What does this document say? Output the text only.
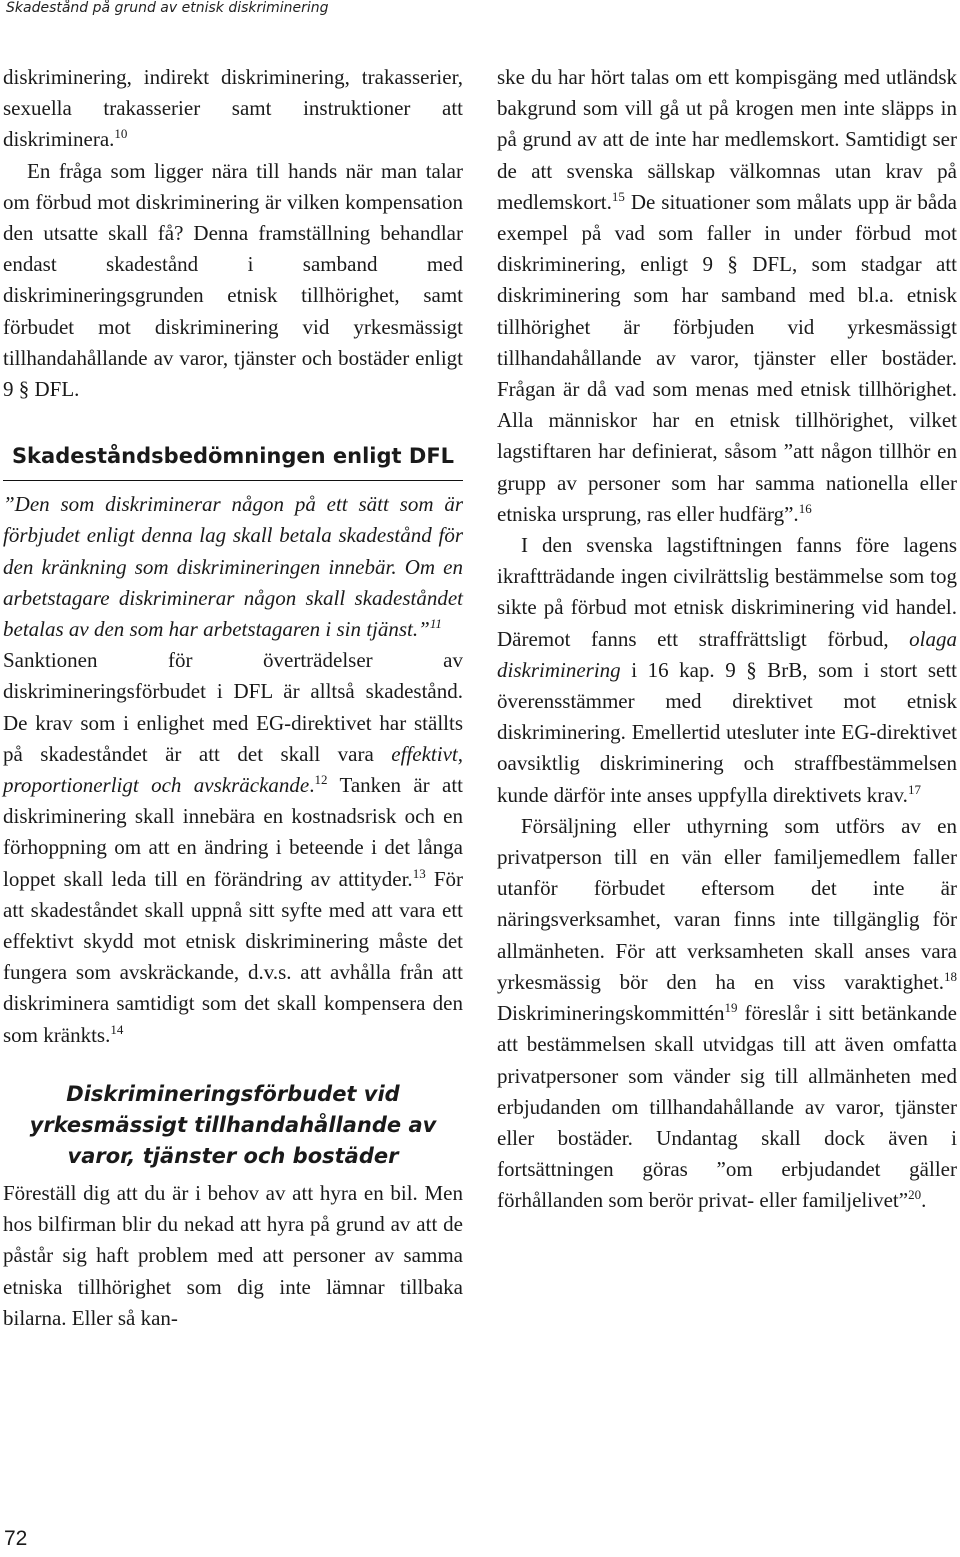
Skadestånd på grund av etnisk diskriminering

diskriminering, indirekt diskriminering, trakasserier, sexuella trakasserier samt instruktioner att diskriminera.$^{10}$

En fråga som ligger nära till hands när man talar om förbud mot diskriminering är vilken kompensation den utsatte skall få? Denna framställning behandlar endast skadestånd i samband med diskrimineringsgrunden etnisk tillhörighet, samt förbudet mot diskriminering vid yrkesmässigt tillhandahållande av varor, tjänster och bostäder enligt 9 § DFL.

Skadeståndsbedömningen enligt DFL

”Den som diskriminerar någon på ett sätt som är förbjudet enligt denna lag skall betala skadestånd för den kränkning som diskrimineringen innebär. Om en arbetstagare diskriminerar någon skall skadeståndet betalas av den som har arbetstagaren i sin tjänst.”$^{11}$

Sanktionen för överträdelser av diskrimineringsförbudet i DFL är alltså skadestånd. De krav som i enlighet med EG-direktivet har ställts på skadeståndet är att det skall vara effektivt, proportionerligt och avskräckande.$^{12}$ Tanken är att diskriminering skall innebära en kostnadsrisk och en förhoppning om att en ändring i beteende i det långa loppet skall leda till en förändring av attityder.$^{13}$ För att skadeståndet skall uppnå sitt syfte med att vara ett effektivt skydd mot etnisk diskriminering måste det fungera som avskräckande, d.v.s. att avhålla från att diskriminera samtidigt som det skall kompensera den som kränkts.$^{14}$

Diskrimineringsförbudet vid yrkesmässigt tillhandahållande av varor, tjänster och bostäder

Föreställ dig att du är i behov av att hyra en bil. Men hos bilfirman blir du nekad att hyra på grund av att de påstår sig haft problem med att personer av samma etniska tillhörighet som dig inte lämnar tillbaka bilarna. Eller så kan-

ske du har hört talas om ett kompisgäng med utländsk bakgrund som vill gå ut på krogen men inte släpps in på grund av att de inte har medlemskort. Samtidigt ser de att svenska sällskap välkomnas utan krav på medlemskort.$^{15}$ De situationer som målats upp är båda exempel på vad som faller in under förbud mot diskriminering, enligt 9 § DFL, som stadgar att diskriminering som har samband med bl.a. etnisk tillhörighet är förbjuden vid yrkesmässigt tillhandahållande av varor, tjänster eller bostäder. Frågan är då vad som menas med etnisk tillhörighet. Alla människor har en etnisk tillhörighet, vilket lagstiftaren har definierat, såsom ”att någon tillhör en grupp av personer som har samma nationella eller etniska ursprung, ras eller hudfärg”.$^{16}$

I den svenska lagstiftningen fanns före lagens ikraftträdande ingen civilrättslig bestämmelse som tog sikte på förbud mot etnisk diskriminering vid handel. Däremot fanns ett straffrättsligt förbud, olaga diskriminering i 16 kap. 9 § BrB, som i stort sett överensstämmer med direktivet mot etnisk diskriminering. Emellertid utesluter inte EG-direktivet oavsiktlig diskriminering och straffbestämmelsen kunde därför inte anses uppfylla direktivets krav.$^{17}$

Försäljning eller uthyrning som utförs av en privatperson till en vän eller familjemedlem faller utanför förbudet eftersom det inte är näringsverksamhet, varan finns inte tillgänglig för allmänheten. För att verksamheten skall anses vara yrkesmässig bör den ha en viss varaktighet.$^{18}$ Diskrimineringskommittén$^{19}$ föreslår i sitt betänkande att bestämmelsen skall utvidgas till att även omfatta privatpersoner som vänder sig till allmänheten med erbjudanden om tillhandahållande av varor, tjänster eller bostäder. Undantag skall dock även i fortsättningen göras ”om erbjudandet gäller förhållanden som berör privat- eller familjelivet”$^{20}$.

72
